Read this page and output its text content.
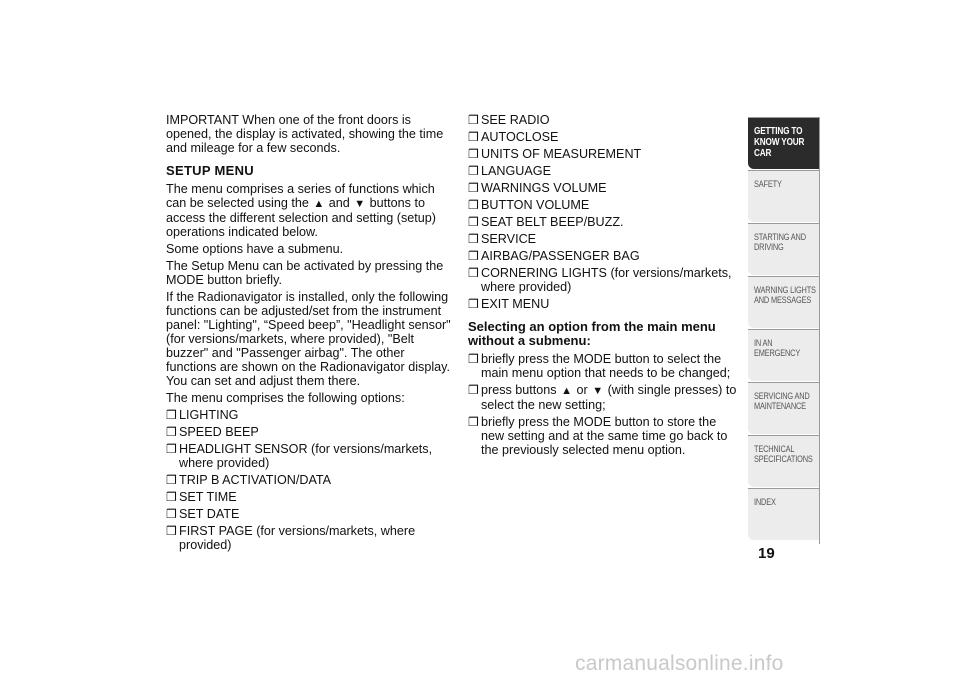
IMPORTANT When one of the front doors is opened, the display is activated, showing the time and mileage for a few seconds.

SETUP MENU

The menu comprises a series of functions which can be selected using the ▲ and ▼ buttons to access the different selection and setting (setup) operations indicated below.

Some options have a submenu.

The Setup Menu can be activated by pressing the MODE button briefly.

If the Radionavigator is installed, only the following functions can be adjusted/set from the instrument panel: "Lighting", “Speed beep”, "Headlight sensor" (for versions/markets, where provided), "Belt buzzer" and "Passenger airbag". The other functions are shown on the Radionavigator display. You can set and adjust them there.

The menu comprises the following options:

❒ LIGHTING
❒ SPEED BEEP
❒ HEADLIGHT SENSOR (for versions/markets, where provided)
❒ TRIP B ACTIVATION/DATA
❒ SET TIME
❒ SET DATE
❒ FIRST PAGE (for versions/markets, where provided)
❒ SEE RADIO
❒ AUTOCLOSE
❒ UNITS OF MEASUREMENT
❒ LANGUAGE
❒ WARNINGS VOLUME
❒ BUTTON VOLUME
❒ SEAT BELT BEEP/BUZZ.
❒ SERVICE
❒ AIRBAG/PASSENGER BAG
❒ CORNERING LIGHTS (for versions/markets, where provided)
❒ EXIT MENU
Selecting an option from the main menu without a submenu:
❒ briefly press the MODE button to select the main menu option that needs to be changed;
❒ press buttons ▲ or ▼ (with single presses) to select the new setting;
❒ briefly press the MODE button to store the new setting and at the same time go back to the previously selected menu option.
GETTING TO KNOW YOUR CAR
SAFETY
STARTING AND DRIVING
WARNING LIGHTS AND MESSAGES
IN AN EMERGENCY
SERVICING AND MAINTENANCE
TECHNICAL SPECIFICATIONS
INDEX
19
carmanualsonline.info
